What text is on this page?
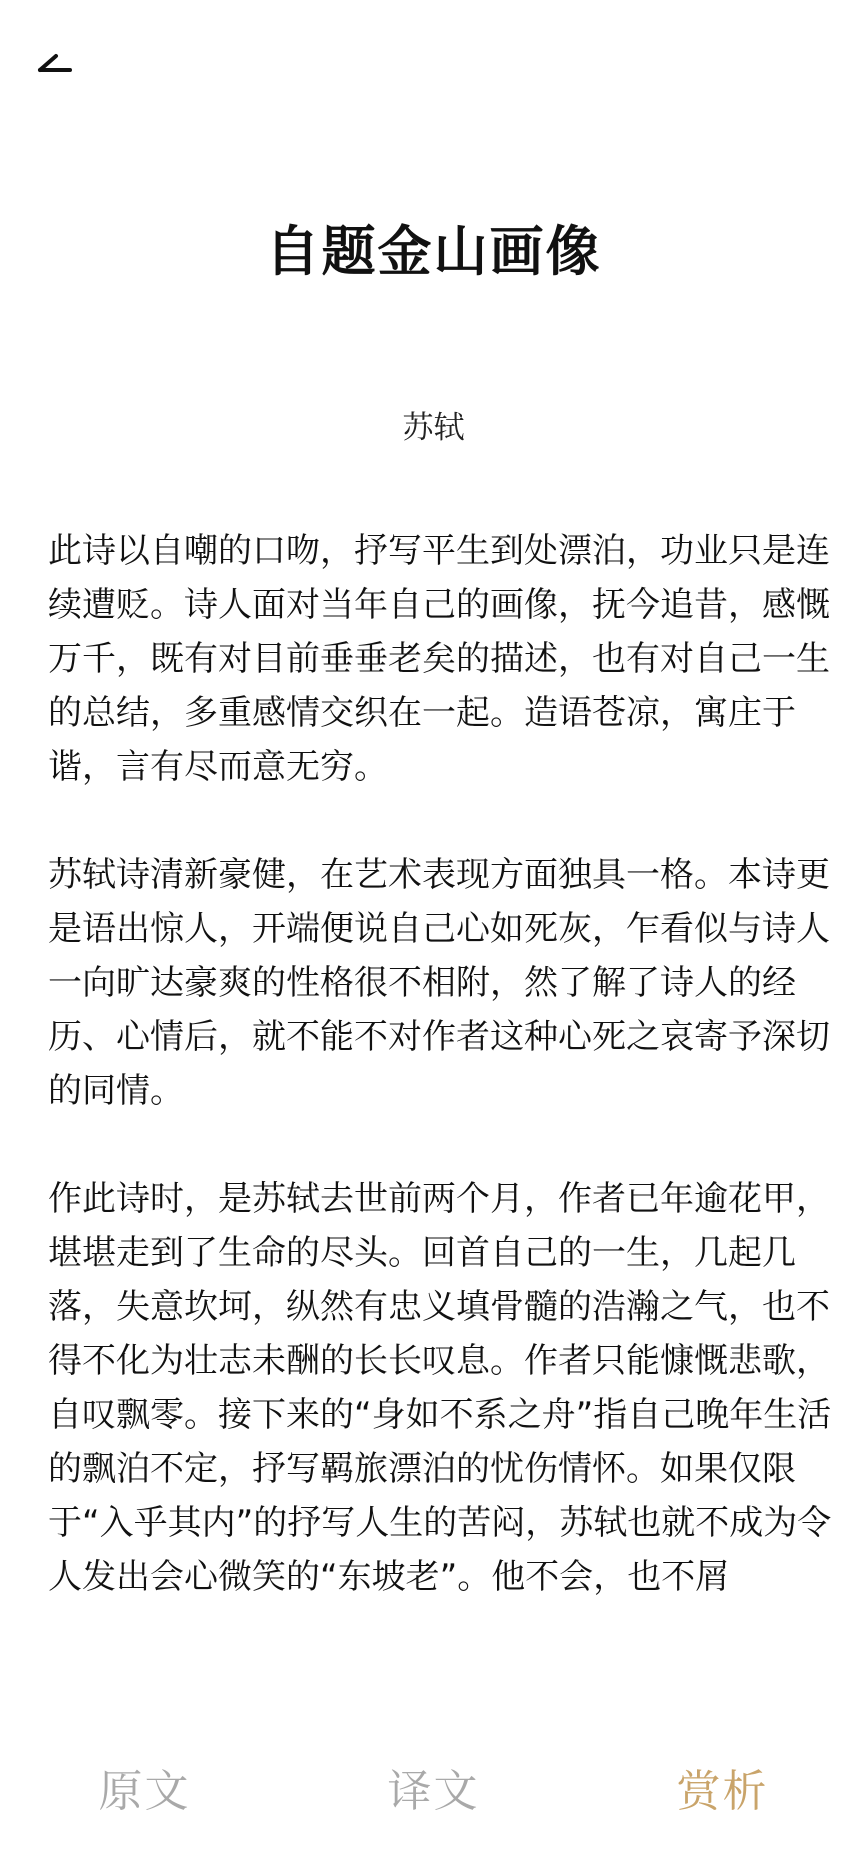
自题金山画像
苏轼

此诗以自嘲的口吻，抒写平生到处漂泊，功业只是连续遭贬。诗人面对当年自己的画像，抚今追昔，感慨万千，既有对目前垂垂老矣的描述，也有对自己一生的总结，多重感情交织在一起。造语苍凉，寓庄于谐，言有尽而意无穷。

苏轼诗清新豪健，在艺术表现方面独具一格。本诗更是语出惊人，开端便说自己心如死灰，乍看似与诗人一向旷达豪爽的性格很不相附，然了解了诗人的经历、心情后，就不能不对作者这种心死之哀寄予深切的同情。

作此诗时，是苏轼去世前两个月，作者已年逾花甲，堪堪走到了生命的尽头。回首自己的一生，几起几落，失意坎坷，纵然有忠义填骨髓的浩瀚之气，也不得不化为壮志未酬的长长叹息。作者只能慷慨悲歌，自叹飘零。接下来的“身如不系之舟”指自己晚年生活的飘泊不定，抒写羁旅漂泊的忧伤情怀。如果仅限于“入乎其内”的抒写人生的苦闷，苏轼也就不成为令人发出会心微笑的“东坡老”。他不会，也不屑

原文	译文	赏析
